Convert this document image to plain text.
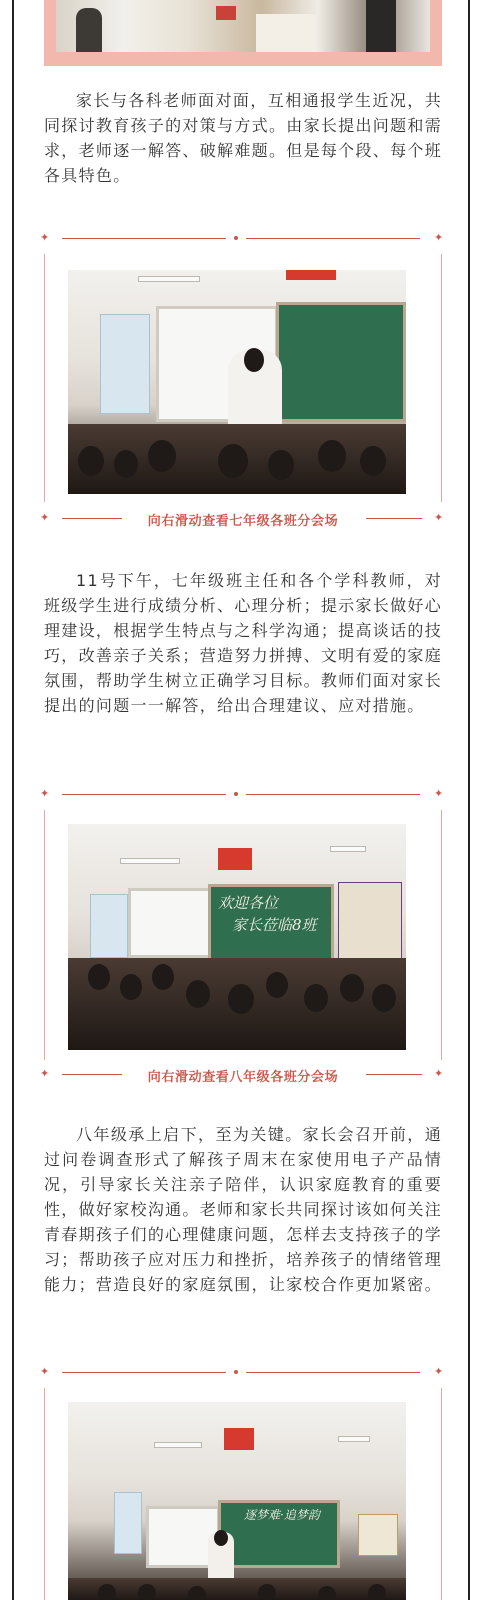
家长与各科老师面对面，互相通报学生近况，共同探讨教育孩子的对策与方式。由家长提出问题和需求，老师逐一解答、破解难题。但是每个段、每个班各具特色。

✦	✦
✦	向右滑动查看七年级各班分会场	✦

11号下午，七年级班主任和各个学科教师，对班级学生进行成绩分析、心理分析；提示家长做好心理建设，根据学生特点与之科学沟通；提高谈话的技巧，改善亲子关系；营造努力拼搏、文明有爱的家庭氛围，帮助学生树立正确学习目标。教师们面对家长提出的问题一一解答，给出合理建议、应对措施。

✦	✦
欢迎各位
家长莅临8班
✦	向右滑动查看八年级各班分会场	✦

八年级承上启下，至为关键。家长会召开前，通过问卷调查形式了解孩子周末在家使用电子产品情况，引导家长关注亲子陪伴，认识家庭教育的重要性，做好家校沟通。老师和家长共同探讨该如何关注青春期孩子们的心理健康问题，怎样去支持孩子的学习；帮助孩子应对压力和挫折，培养孩子的情绪管理能力；营造良好的家庭氛围，让家校合作更加紧密。

✦	✦
逐梦难·追梦韵
